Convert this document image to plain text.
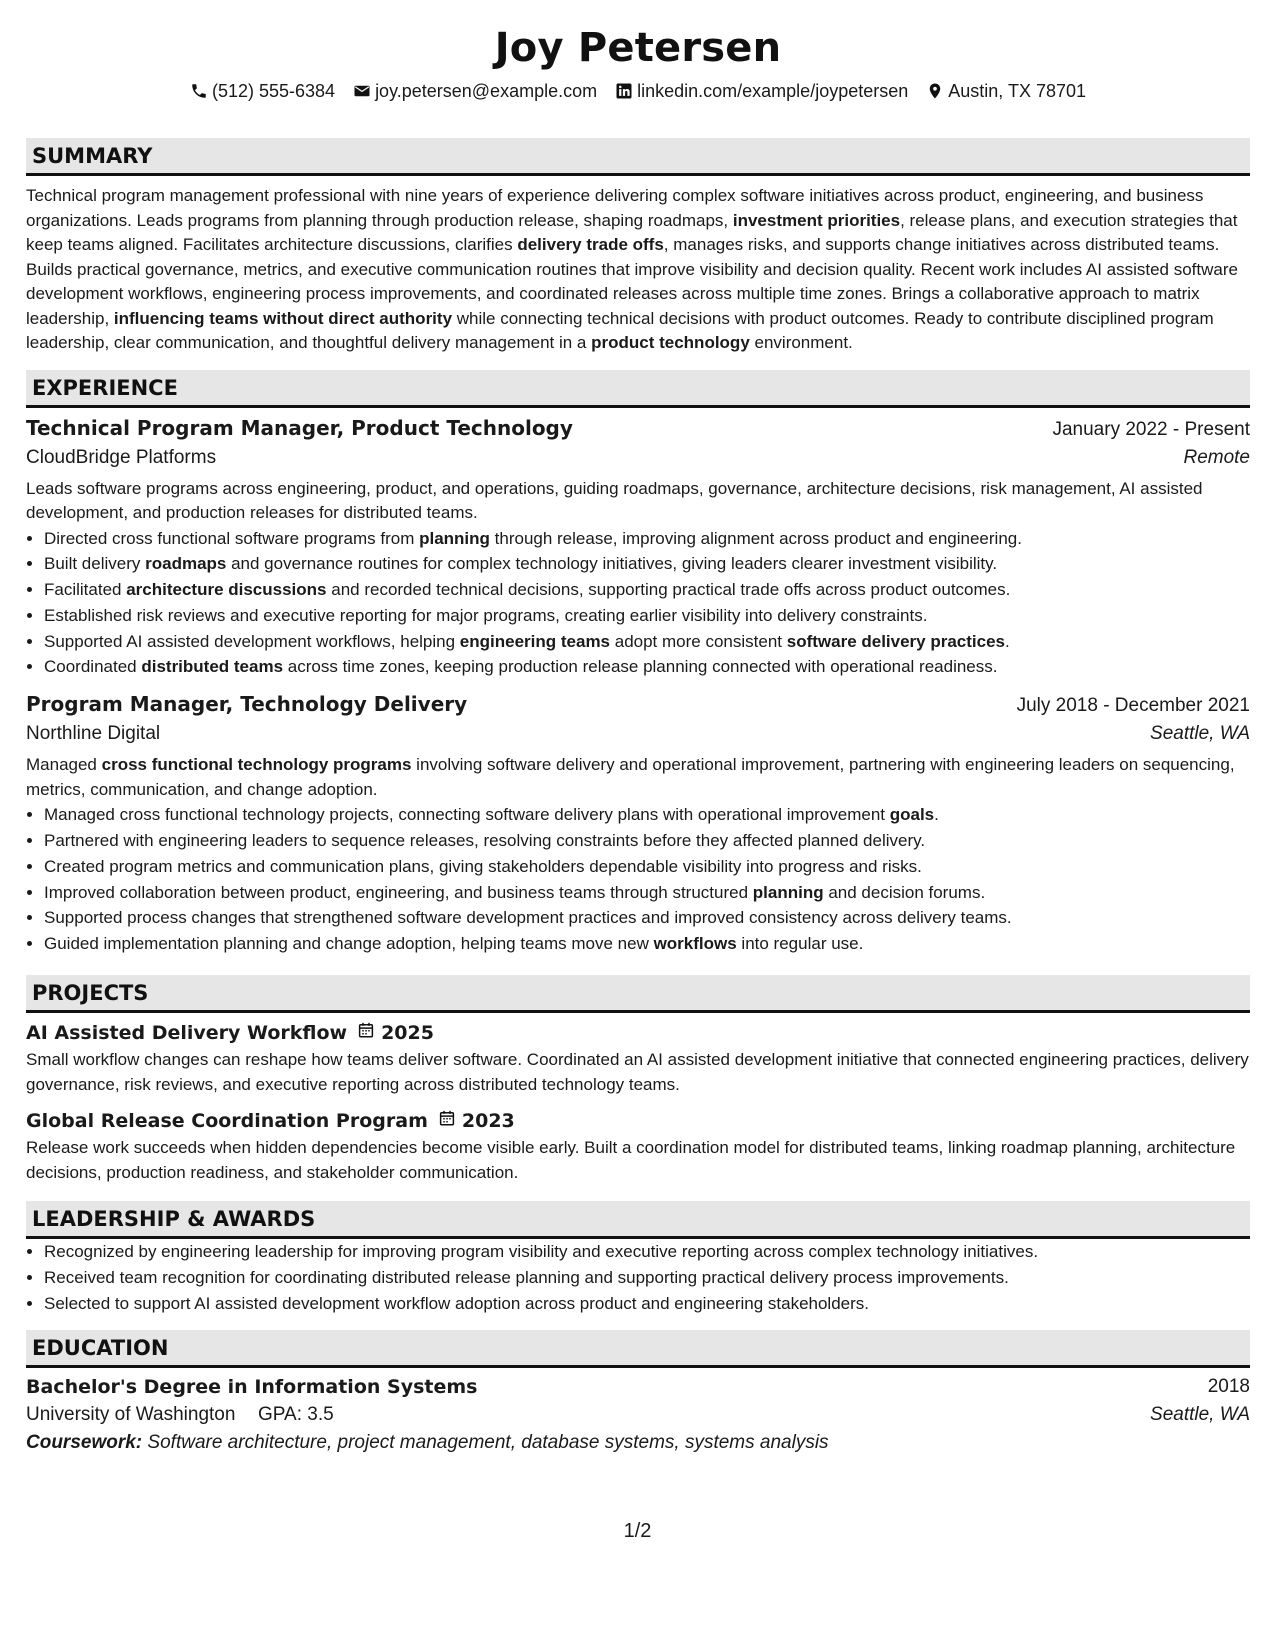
Joy Petersen
(512) 555-6384 joy.petersen@example.com linkedin.com/example/joypetersen Austin, TX 78701
SUMMARY

Technical program management professional with nine years of experience delivering complex software initiatives across product, engineering, and business organizations. Leads programs from planning through production release, shaping roadmaps, investment priorities, release plans, and execution strategies that keep teams aligned. Facilitates architecture discussions, clarifies delivery trade offs, manages risks, and supports change initiatives across distributed teams. Builds practical governance, metrics, and executive communication routines that improve visibility and decision quality. Recent work includes AI assisted software development workflows, engineering process improvements, and coordinated releases across multiple time zones. Brings a collaborative approach to matrix leadership, influencing teams without direct authority while connecting technical decisions with product outcomes. Ready to contribute disciplined program leadership, clear communication, and thoughtful delivery management in a product technology environment.

EXPERIENCE
Technical Program Manager, Product Technology	January 2022 - Present
CloudBridge Platforms	Remote

Leads software programs across engineering, product, and operations, guiding roadmaps, governance, architecture decisions, risk management, AI assisted development, and production releases for distributed teams.

• Directed cross functional software programs from planning through release, improving alignment across product and engineering.
• Built delivery roadmaps and governance routines for complex technology initiatives, giving leaders clearer investment visibility.
• Facilitated architecture discussions and recorded technical decisions, supporting practical trade offs across product outcomes.
• Established risk reviews and executive reporting for major programs, creating earlier visibility into delivery constraints.
• Supported AI assisted development workflows, helping engineering teams adopt more consistent software delivery practices.
• Coordinated distributed teams across time zones, keeping production release planning connected with operational readiness.
Program Manager, Technology Delivery	July 2018 - December 2021
Northline Digital	Seattle, WA

Managed cross functional technology programs involving software delivery and operational improvement, partnering with engineering leaders on sequencing, metrics, communication, and change adoption.

• Managed cross functional technology projects, connecting software delivery plans with operational improvement goals.
• Partnered with engineering leaders to sequence releases, resolving constraints before they affected planned delivery.
• Created program metrics and communication plans, giving stakeholders dependable visibility into progress and risks.
• Improved collaboration between product, engineering, and business teams through structured planning and decision forums.
• Supported process changes that strengthened software development practices and improved consistency across delivery teams.
• Guided implementation planning and change adoption, helping teams move new workflows into regular use.
PROJECTS
AI Assisted Delivery Workflow 2025

Small workflow changes can reshape how teams deliver software. Coordinated an AI assisted development initiative that connected engineering practices, delivery governance, risk reviews, and executive reporting across distributed technology teams.

Global Release Coordination Program 2023

Release work succeeds when hidden dependencies become visible early. Built a coordination model for distributed teams, linking roadmap planning, architecture decisions, production readiness, and stakeholder communication.

LEADERSHIP & AWARDS
• Recognized by engineering leadership for improving program visibility and executive reporting across complex technology initiatives.
• Received team recognition for coordinating distributed release planning and supporting practical delivery process improvements.
• Selected to support AI assisted development workflow adoption across product and engineering stakeholders.
EDUCATION
Bachelor's Degree in Information Systems	2018
University of Washington GPA: 3.5	Seattle, WA
Coursework: Software architecture, project management, database systems, systems analysis
1/2
